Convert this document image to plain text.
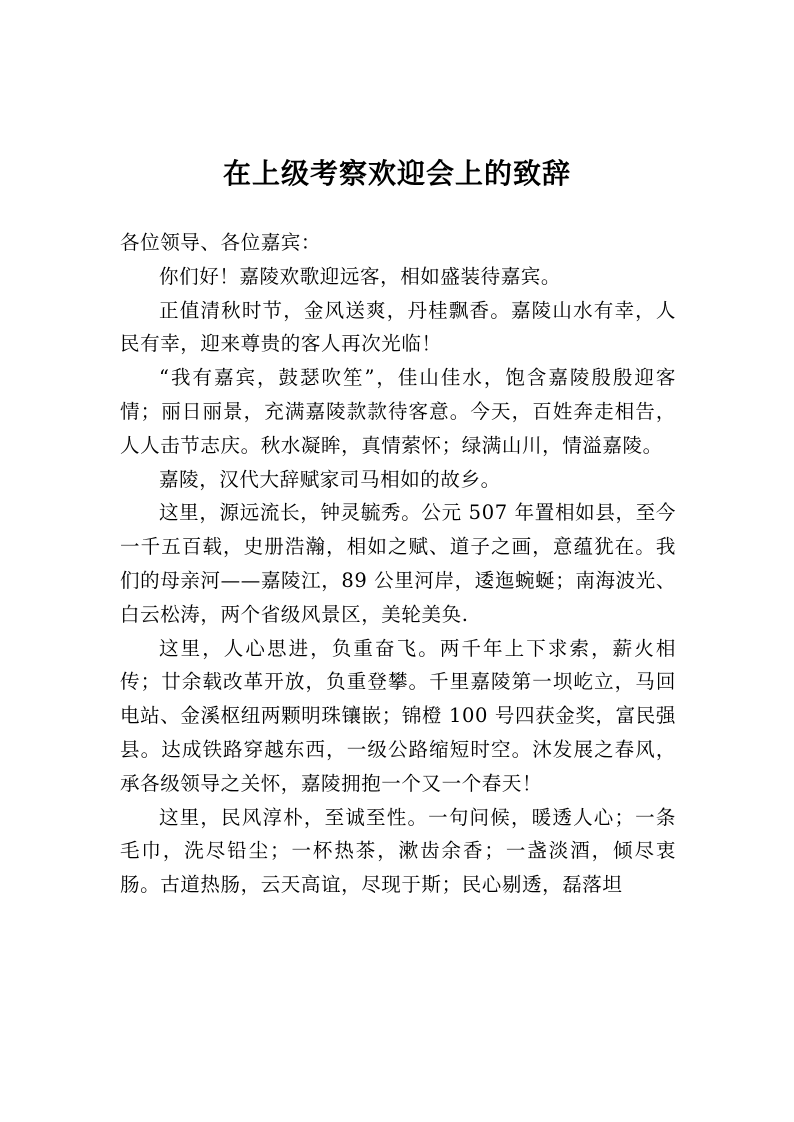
在上级考察欢迎会上的致辞

各位领导、各位嘉宾：

你们好！嘉陵欢歌迎远客，相如盛装待嘉宾。

正值清秋时节，金风送爽，丹桂飘香。嘉陵山水有幸，人民有幸，迎来尊贵的客人再次光临！

“我有嘉宾，鼓瑟吹笙”，佳山佳水，饱含嘉陵殷殷迎客情；丽日丽景，充满嘉陵款款待客意。今天，百姓奔走相告，人人击节志庆。秋水凝眸，真情萦怀；绿满山川，情溢嘉陵。

嘉陵，汉代大辞赋家司马相如的故乡。

这里，源远流长，钟灵毓秀。公元 507 年置相如县，至今一千五百载，史册浩瀚，相如之赋、道子之画，意蕴犹在。我们的母亲河——嘉陵江，89 公里河岸，逶迤蜿蜒；南海波光、白云松涛，两个省级风景区，美轮美奂.

这里，人心思进，负重奋飞。两千年上下求索，薪火相传；廿余载改革开放，负重登攀。千里嘉陵第一坝屹立，马回电站、金溪枢纽两颗明珠镶嵌；锦橙 100 号四获金奖，富民强县。达成铁路穿越东西，一级公路缩短时空。沐发展之春风，承各级领导之关怀，嘉陵拥抱一个又一个春天！

这里，民风淳朴，至诚至性。一句问候，暖透人心；一条毛巾，洗尽铅尘；一杯热茶，漱齿余香；一盏淡酒，倾尽衷肠。古道热肠，云天高谊，尽现于斯；民心剔透，磊落坦
